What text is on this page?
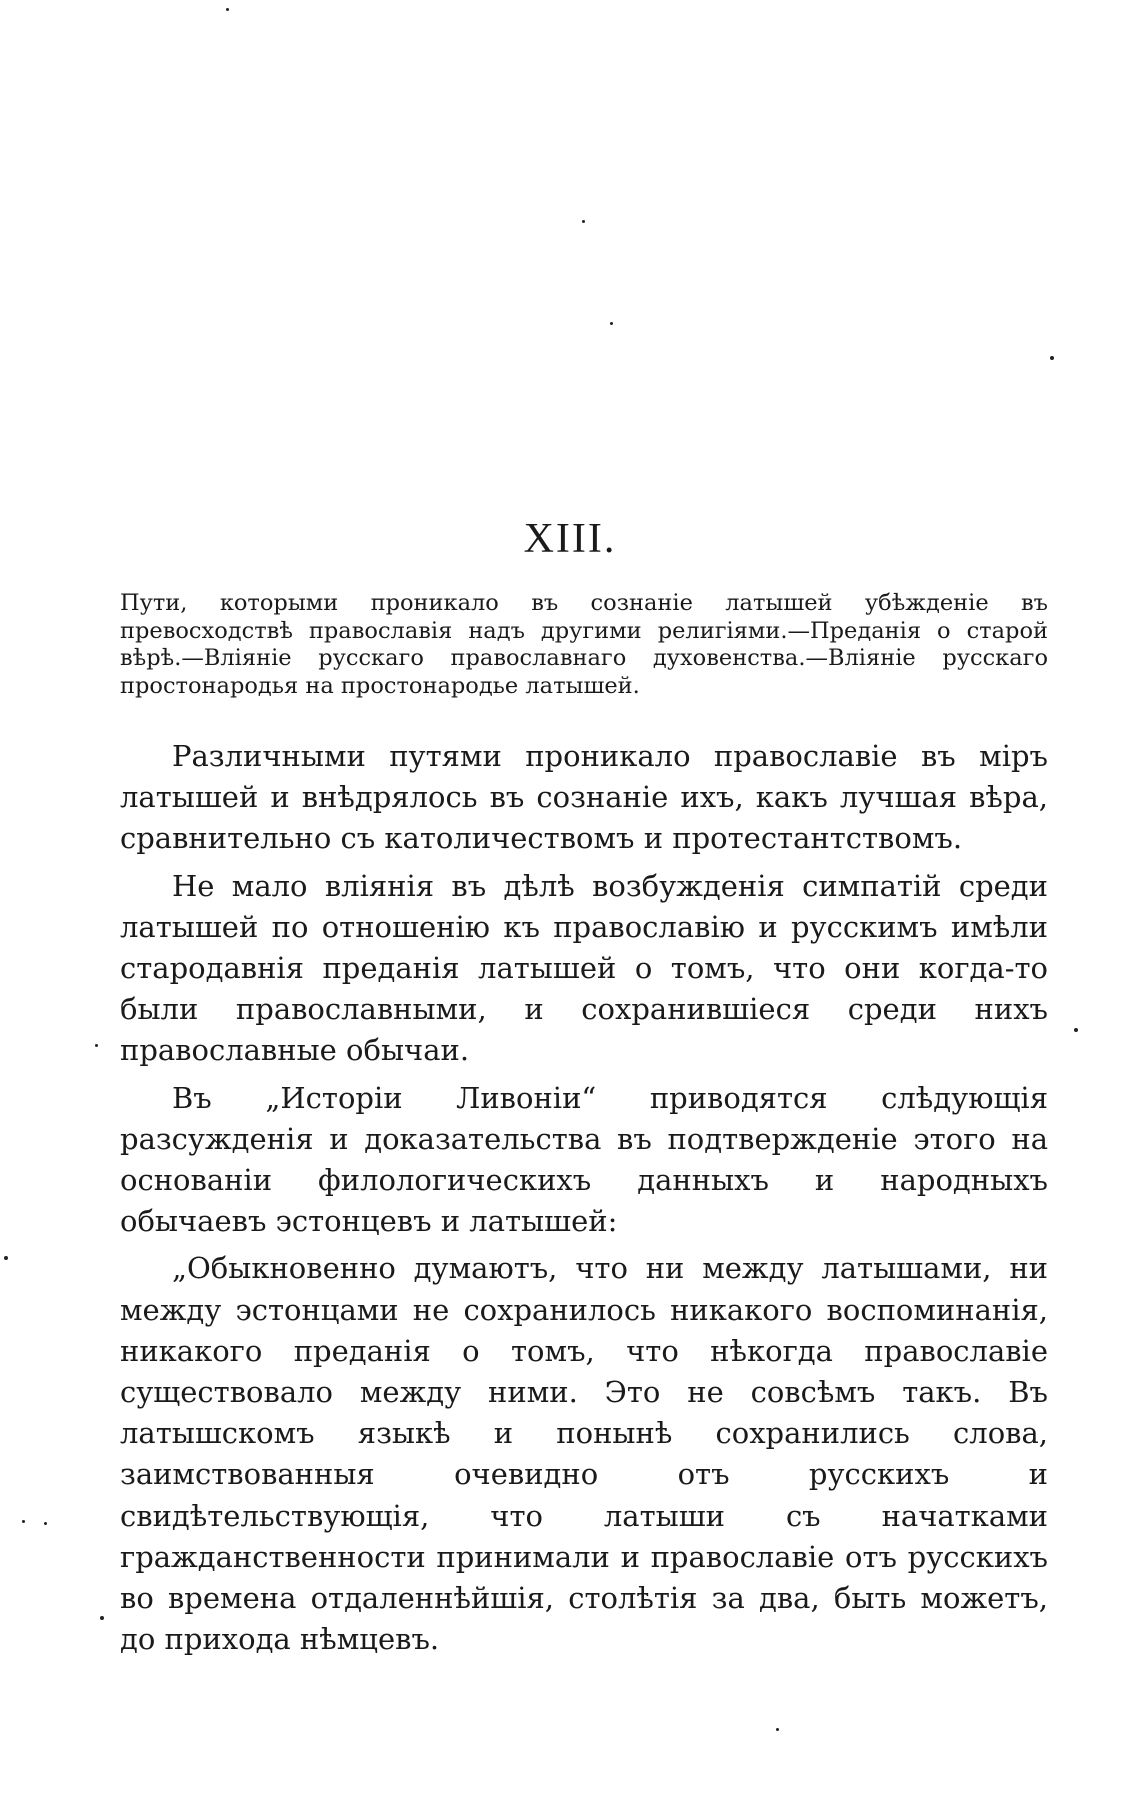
XIII.

Пути, которыми проникало въ сознаніе латышей убѣжденіе въ превосходствѣ православія надъ другими религіями.—Преданія о старой вѣрѣ.—Вліяніе русскаго православнаго духовенства.—Вліяніе русскаго простонародья на простонародье латышей.

Различными путями проникало православіе въ міръ латышей и внѣдрялось въ сознаніе ихъ, какъ лучшая вѣра, сравнительно съ католичествомъ и протестантствомъ.

Не мало вліянія въ дѣлѣ возбужденія симпатій среди латышей по отношенію къ православію и русскимъ имѣли стародавнія преданія латышей о томъ, что они когда-то были православными, и сохранившіеся среди нихъ православные обычаи.

Въ „Исторіи Ливоніи“ приводятся слѣдующія разсужденія и доказательства въ подтвержденіе этого на основаніи филологическихъ данныхъ и народныхъ обычаевъ эстонцевъ и латышей:

„Обыкновенно думаютъ, что ни между латышами, ни между эстонцами не сохранилось никакого воспоминанія, никакого преданія о томъ, что нѣкогда православіе существовало между ними. Это не совсѣмъ такъ. Въ латышскомъ языкѣ и понынѣ сохранились слова, заимствованныя очевидно отъ русскихъ и свидѣтельствующія, что латыши съ начатками гражданственности принимали и православіе отъ русскихъ во времена отдаленнѣйшія, столѣтія за два, быть можетъ, до прихода нѣмцевъ.
